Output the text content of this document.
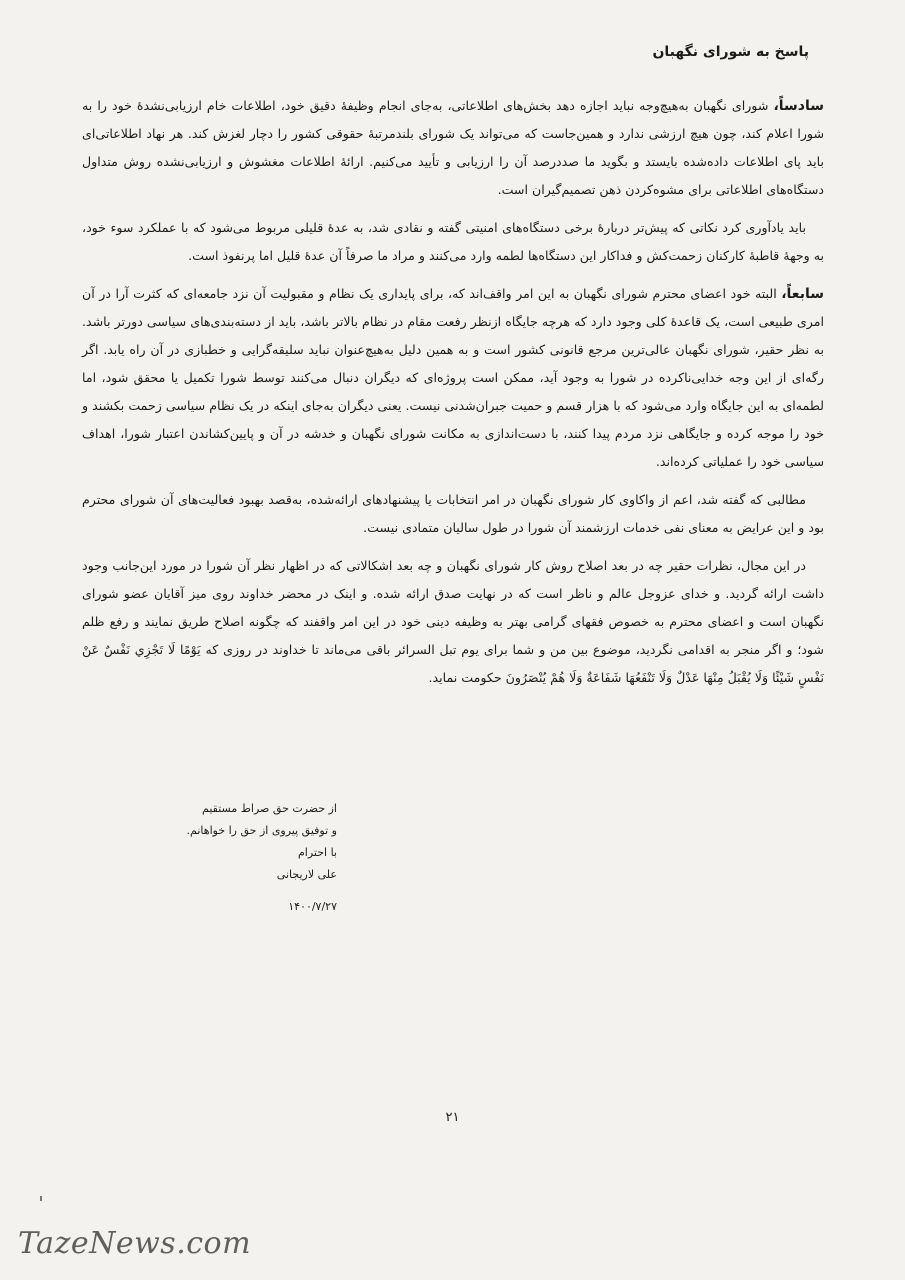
پاسخ به شورای نگهبان

سادساً، شورای نگهبان به‌هیچ‌وجه نباید اجازه دهد بخش‌های اطلاعاتی، به‌جای انجام وظیفهٔ دقیق خود، اطلاعات خام ارزیابی‌نشدهٔ خود را به شورا اعلام کند، چون هیچ ارزشی ندارد و همین‌جاست که می‌تواند یک شورای بلندمرتبهٔ حقوقی کشور را دچار لغزش کند. هر نهاد اطلاعاتی‌ای باید پای اطلاعات داده‌شده بایستد و بگوید ما صددرصد آن را ارزیابی و تأیید می‌کنیم. ارائهٔ اطلاعات مغشوش و ارزیابی‌نشده روش متداول دستگاه‌های اطلاعاتی برای مشوه‌کردن ذهن تصمیم‌گیران است.

باید یادآوری کرد نکاتی که پیش‌تر دربارهٔ برخی دستگاه‌های امنیتی گفته و نقادی شد، به عدهٔ قلیلی مربوط می‌شود که با عملکرد سوء خود، به وجههٔ قاطبهٔ کارکنان زحمت‌کش و فداکار این دستگاه‌ها لطمه وارد می‌کنند و مراد ما صرفاً آن عدهٔ قلیل اما پرنفوذ است.

سابعاً، البته خود اعضای محترم شورای نگهبان به این امر واقف‌اند که، برای پایداری یک نظام و مقبولیت آن نزد جامعه‌ای که کثرت آرا در آن امری طبیعی است، یک قاعدهٔ کلی وجود دارد که هرچه جایگاه ازنظر رفعت مقام در نظام بالاتر باشد، باید از دسته‌بندی‌های سیاسی دورتر باشد. به نظر حقیر، شورای نگهبان عالی‌ترین مرجع قانونی کشور است و به همین دلیل به‌هیچ‌عنوان نباید سلیقه‌گرایی و خطبازی در آن راه یابد. اگر رگه‌ای از این وجه خدایی‌ناکرده در شورا به وجود آید، ممکن است پروژه‌ای که دیگران دنبال می‌کنند توسط شورا تکمیل یا محقق شود، اما لطمه‌ای به این جایگاه وارد می‌شود که با هزار قسم و حمیت جبران‌شدنی نیست. یعنی دیگران به‌جای اینکه در یک نظام سیاسی زحمت بکشند و خود را موجه کرده و جایگاهی نزد مردم پیدا کنند، با دست‌اندازی به مکانت شورای نگهبان و خدشه در آن و پایین‌کشاندن اعتبار شورا، اهداف سیاسی خود را عملیاتی کرده‌اند.

مطالبی که گفته شد، اعم از واکاوی کار شورای نگهبان در امر انتخابات یا پیشنهادهای ارائه‌شده، به‌قصد بهبود فعالیت‌های آن شورای محترم بود و این عرایض به معنای نفی خدمات ارزشمند آن شورا در طول سالیان متمادی نیست.

در این مجال، نظرات حقیر چه در بعد اصلاح روش کار شورای نگهبان و چه بعد اشکالاتی که در اظهار نظر آن شورا در مورد این‌جانب وجود داشت ارائه گردید. و خدای عزوجل عالم و ناظر است که در نهایت صدق ارائه شده. و اینک در محضر خداوند روی میز آقایان عضو شورای نگهبان است و اعضای محترم به خصوص فقهای گرامی بهتر به وظیفه دینی خود در این امر واقفند که چگونه اصلاح طریق نمایند و رفع ظلم شود؛ و اگر منجر به اقدامی نگردید، موضوع بین من و شما برای یوم تبل السرائر باقی می‌ماند تا خداوند در روزی که يَوْمًا لَا تَجْزِي نَفْسٌ عَنْ نَفْسٍ شَيْئًا وَلَا يُقْبَلُ مِنْهَا عَدْلٌ وَلَا تَنْفَعُهَا شَفَاعَةٌ وَلَا هُمْ يُنْصَرُونَ حکومت نماید.

از حضرت حق صراط مستقیم
و توفیق پیروی از حق را خواهانم.
با احترام
علی لاریجانی
۱۴۰۰/۷/۲۷
۲۱
TazeNews.com
